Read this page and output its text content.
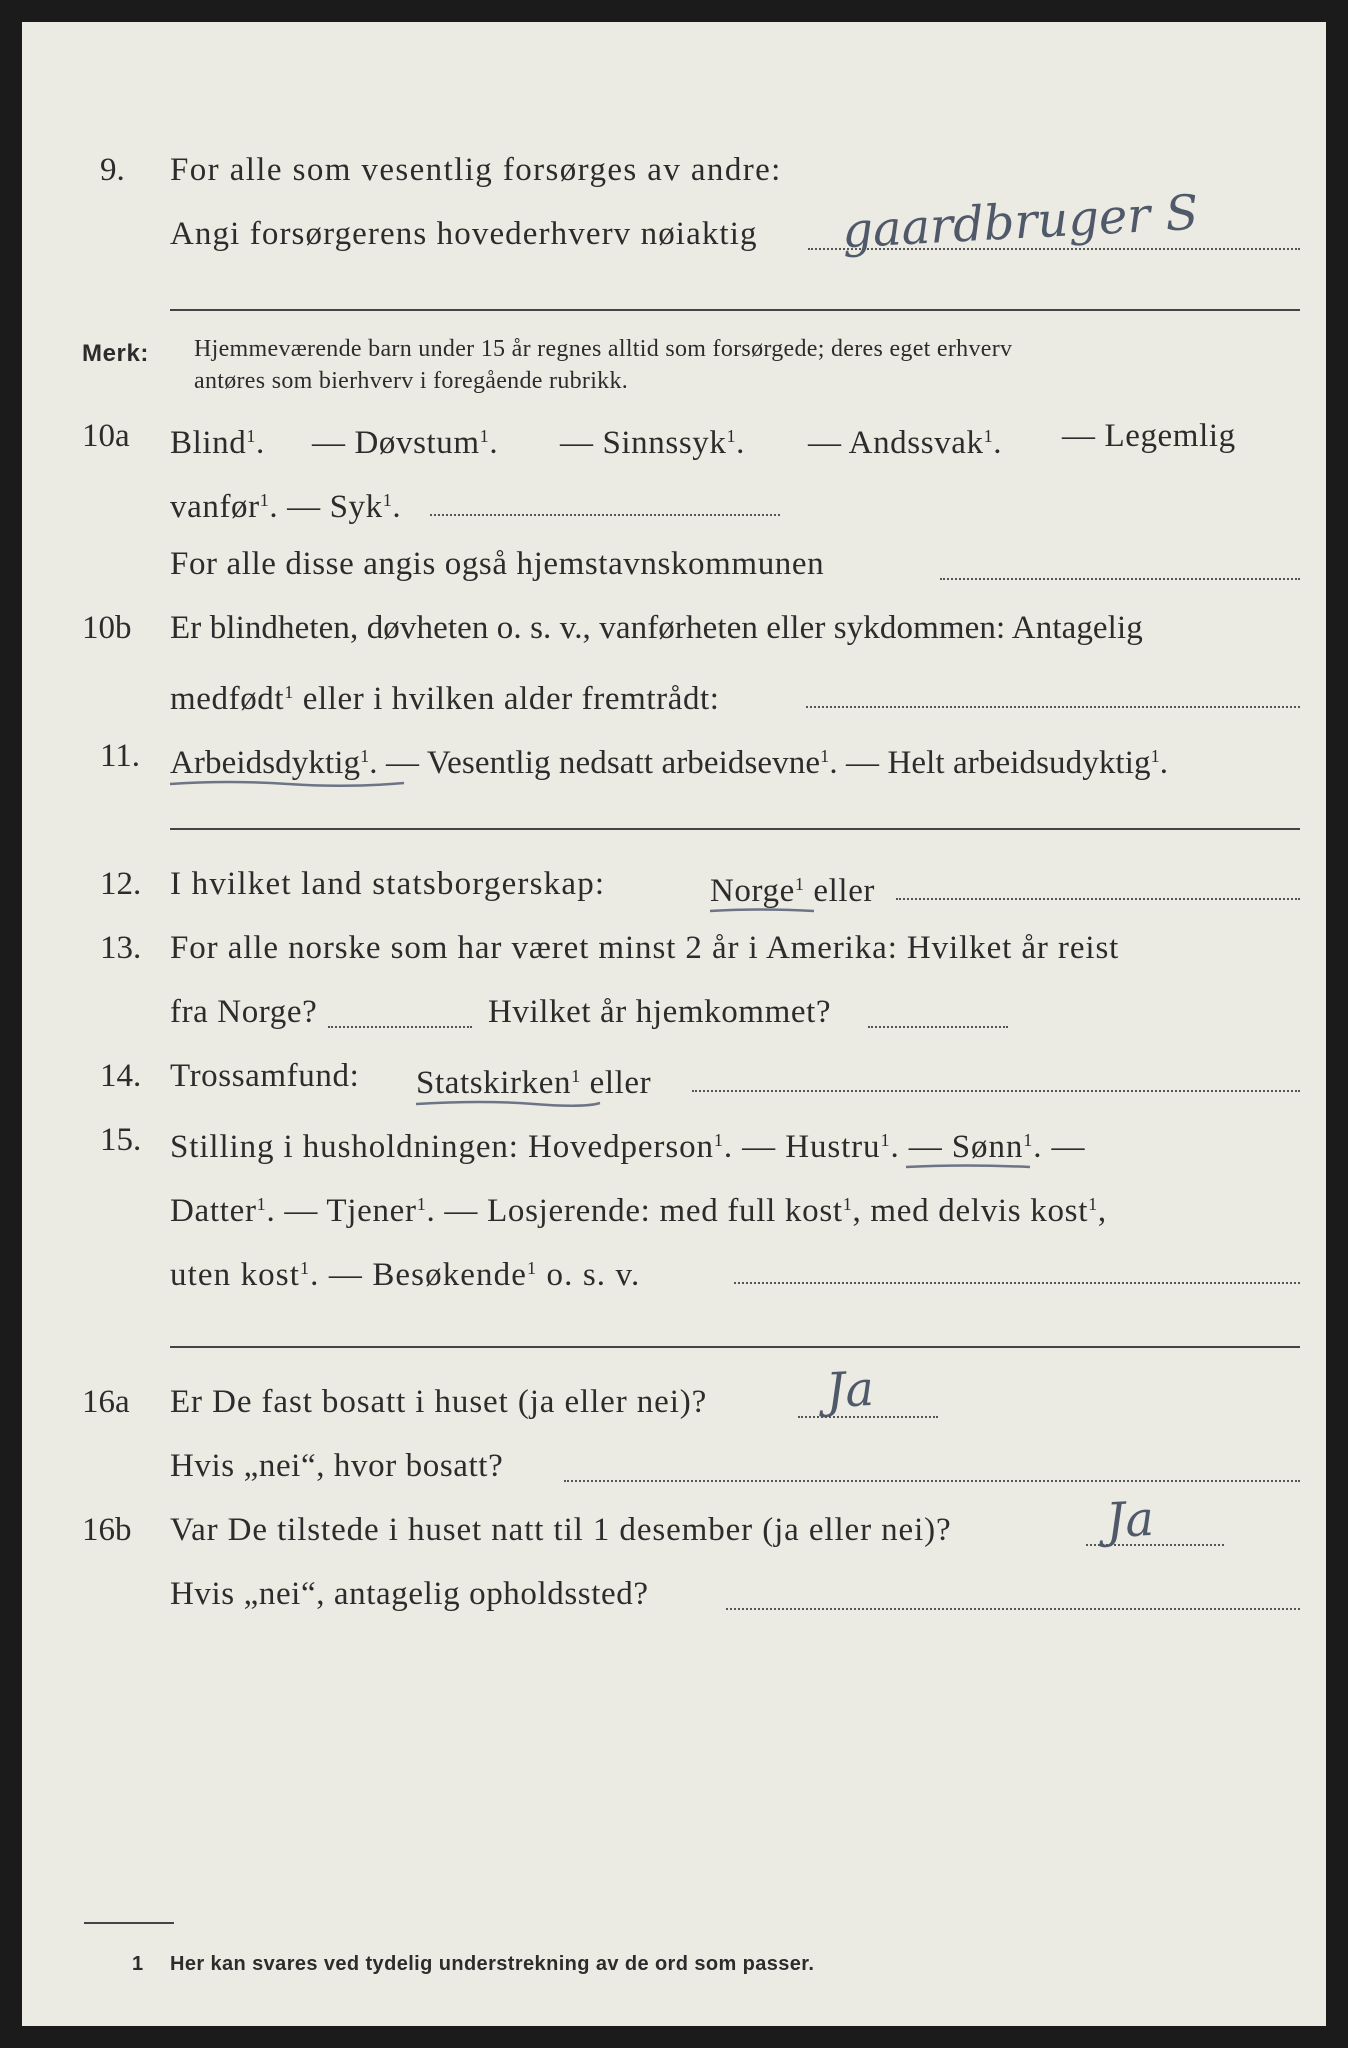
9. For alle som vesentlig forsørges av andre:
Angi forsørgerens hovederhverv nøiaktig gaardbruger S
Merk: Hjemmeværende barn under 15 år regnes alltid som forsørgede; deres eget erhverv
antøres som bierhverv i foregående rubrikk.
10a Blind$^1$. — Døvstum$^1$. — Sinnssyk$^1$. — Andssvak$^1$. — Legemlig
vanfør$^1$. — Syk$^1$.
For alle disse angis også hjemstavnskommunen
10b Er blindheten, døvheten o. s. v., vanførheten eller sykdommen: Antagelig
medfødt$^1$ eller i hvilken alder fremtrådt:
11. Arbeidsdyktig$^1$. — Vesentlig nedsatt arbeidsevne$^1$. — Helt arbeidsudyktig$^1$.
12. I hvilket land statsborgerskap:	Norge$^1$ eller
13. For alle norske som har været minst 2 år i Amerika: Hvilket år reist
fra Norge?	Hvilket år hjemkommet?
14. Trossamfund: Statskirken$^1$ eller
15. Stilling i husholdningen: Hovedperson$^1$. — Hustru$^1$. — Sønn$^1$. —
Datter$^1$. — Tjener$^1$. — Losjerende: med full kost$^1$, med delvis kost$^1$,
uten kost$^1$. — Besøkende$^1$ o. s. v.
16a Er De fast bosatt i huset (ja eller nei)? Ja
Hvis „nei“, hvor bosatt?
16b Var De tilstede i huset natt til 1 desember (ja eller nei)?	Ja
Hvis „nei“, antagelig opholdssted?
1 Her kan svares ved tydelig understrekning av de ord som passer.
